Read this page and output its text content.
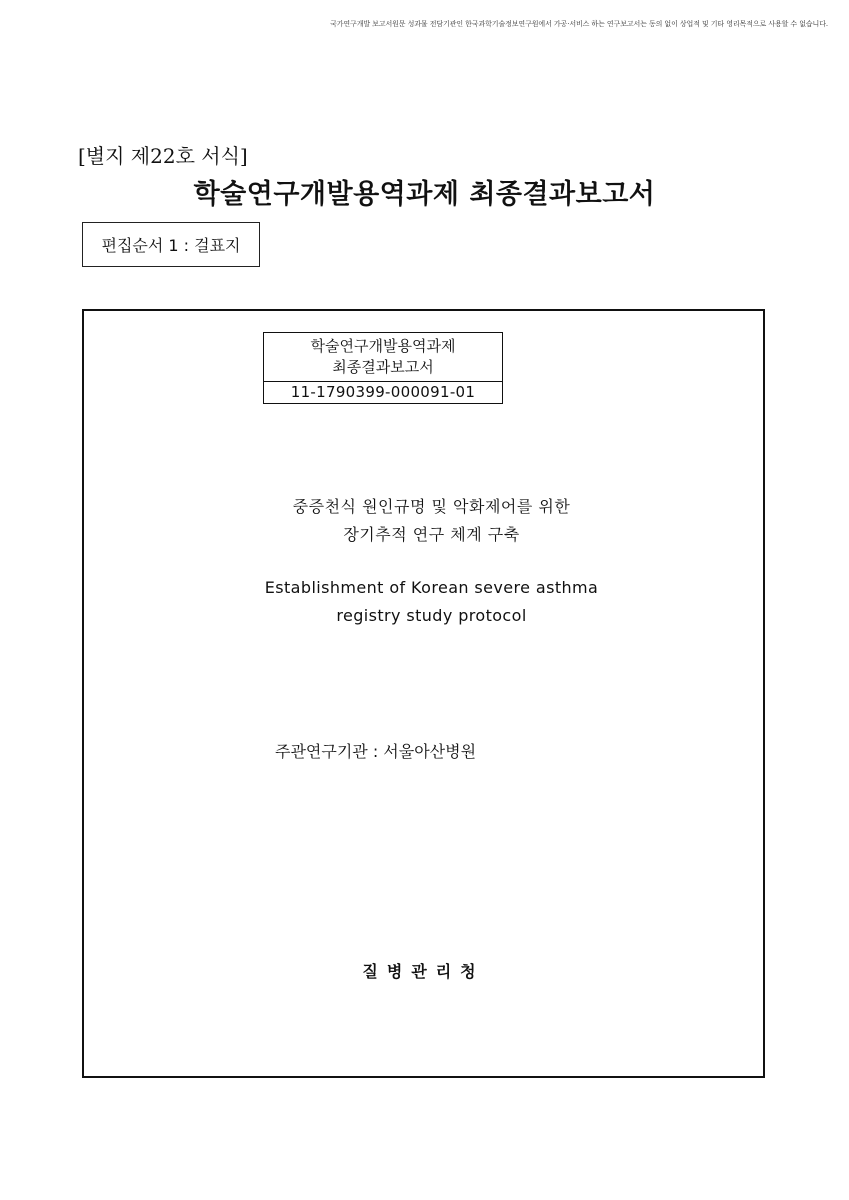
국가연구개발 보고서원문 성과물 전담기관인 한국과학기술정보연구원에서 가공·서비스 하는 연구보고서는 동의 없이 상업적 및 기타 영리목적으로 사용할 수 없습니다.
[별지 제22호 서식]
학술연구개발용역과제 최종결과보고서
편집순서 1 : 걸표지
학술연구개발용역과제
최종결과보고서
11-1790399-000091-01
중증천식 원인규명 및 악화제어를 위한
장기추적 연구 체계 구축
Establishment of Korean severe asthma
registry study protocol
주관연구기관 : 서울아산병원
질병관리청
